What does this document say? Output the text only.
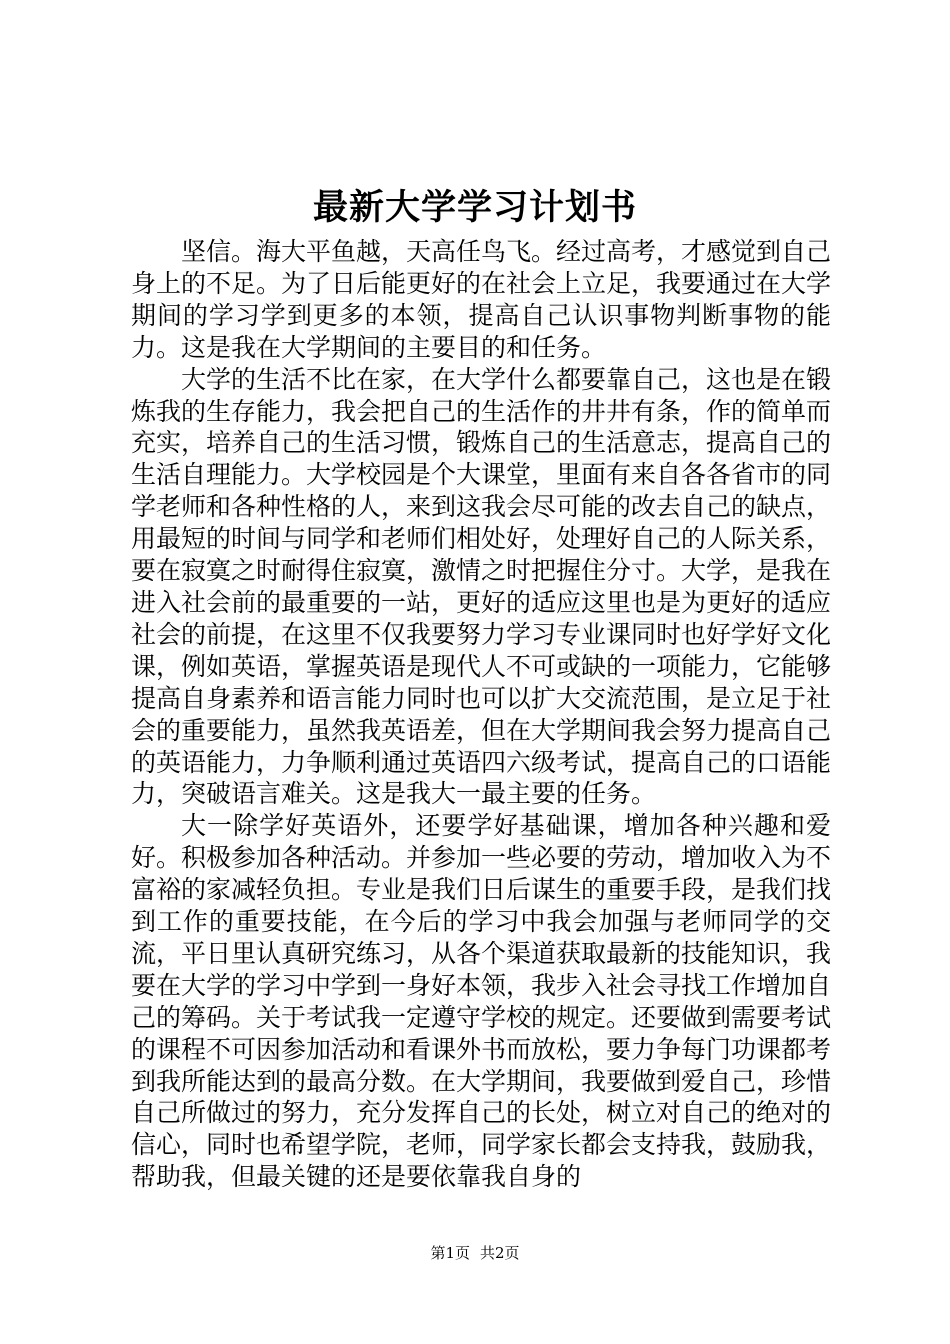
最新大学学习计划书

坚信。海大平鱼越，天高任鸟飞。经过高考，才感觉到自己身上的不足。为了日后能更好的在社会上立足，我要通过在大学期间的学习学到更多的本领，提高自己认识事物判断事物的能力。这是我在大学期间的主要目的和任务。

大学的生活不比在家，在大学什么都要靠自己，这也是在锻炼我的生存能力，我会把自己的生活作的井井有条，作的简单而充实，培养自己的生活习惯，锻炼自己的生活意志，提高自己的生活自理能力。大学校园是个大课堂，里面有来自各各省市的同学老师和各种性格的人，来到这我会尽可能的改去自己的缺点，用最短的时间与同学和老师们相处好，处理好自己的人际关系，要在寂寞之时耐得住寂寞，激情之时把握住分寸。大学，是我在进入社会前的最重要的一站，更好的适应这里也是为更好的适应社会的前提，在这里不仅我要努力学习专业课同时也好学好文化课，例如英语，掌握英语是现代人不可或缺的一项能力，它能够提高自身素养和语言能力同时也可以扩大交流范围，是立足于社会的重要能力，虽然我英语差，但在大学期间我会努力提高自己的英语能力，力争顺利通过英语四六级考试，提高自己的口语能力，突破语言难关。这是我大一最主要的任务。

大一除学好英语外，还要学好基础课，增加各种兴趣和爱好。积极参加各种活动。并参加一些必要的劳动，增加收入为不富裕的家减轻负担。专业是我们日后谋生的重要手段，是我们找到工作的重要技能，在今后的学习中我会加强与老师同学的交流，平日里认真研究练习，从各个渠道获取最新的技能知识，我要在大学的学习中学到一身好本领，我步入社会寻找工作增加自己的筹码。关于考试我一定遵守学校的规定。还要做到需要考试的课程不可因参加活动和看课外书而放松，要力争每门功课都考到我所能达到的最高分数。在大学期间，我要做到爱自己，珍惜自己所做过的努力，充分发挥自己的长处，树立对自己的绝对的信心，同时也希望学院，老师，同学家长都会支持我，鼓励我，帮助我，但最关键的还是要依靠我自身的

第1页 共2页
